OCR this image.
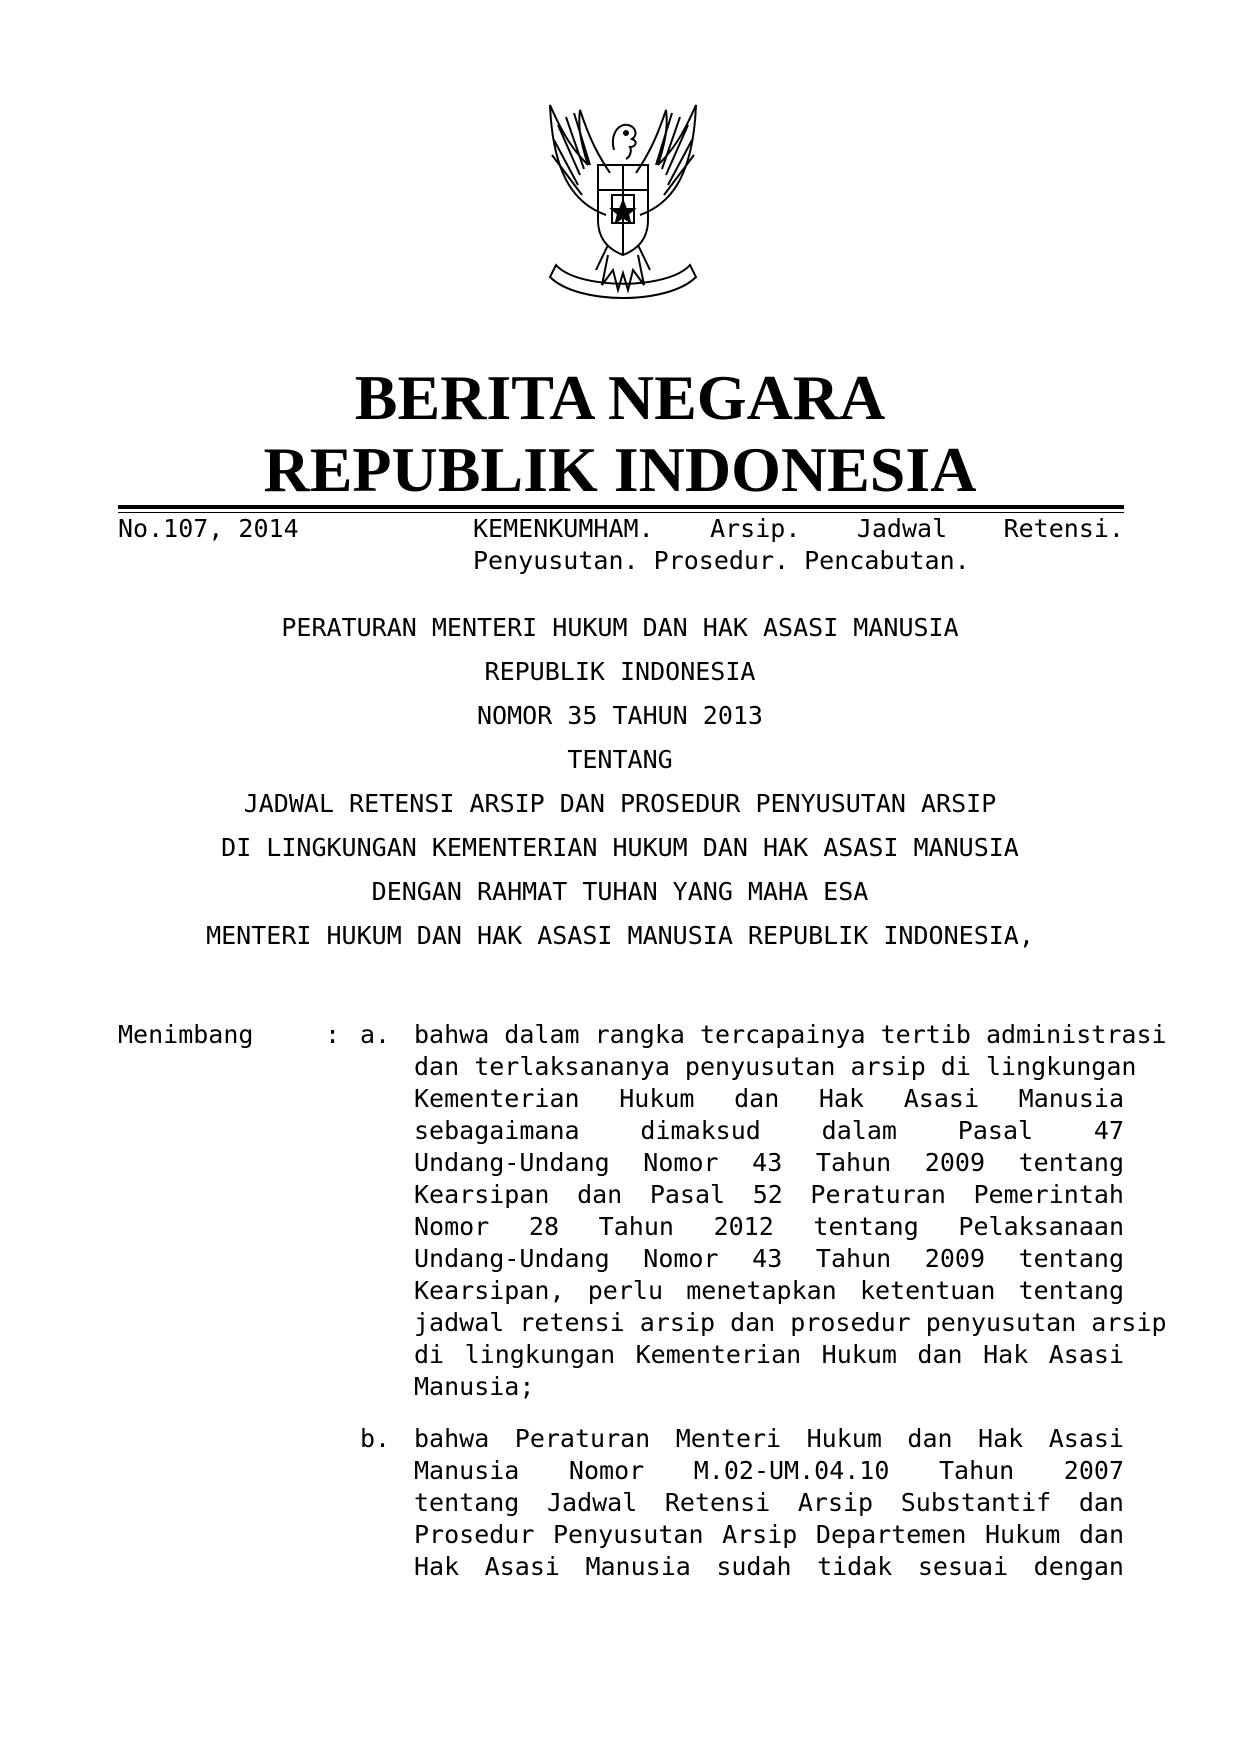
BERITA NEGARA
REPUBLIK INDONESIA
No.107, 2014	KEMENKUMHAM. Arsip. Jadwal Retensi.
Penyusutan. Prosedur. Pencabutan.
PERATURAN MENTERI HUKUM DAN HAK ASASI MANUSIA
REPUBLIK INDONESIA
NOMOR 35 TAHUN 2013
TENTANG
JADWAL RETENSI ARSIP DAN PROSEDUR PENYUSUTAN ARSIP
DI LINGKUNGAN KEMENTERIAN HUKUM DAN HAK ASASI MANUSIA
DENGAN RAHMAT TUHAN YANG MAHA ESA
MENTERI HUKUM DAN HAK ASASI MANUSIA REPUBLIK INDONESIA,
Menimbang	: a. bahwa dalam rangka tercapainya tertib administrasi
dan terlaksananya penyusutan arsip di lingkungan
Kementerian Hukum dan Hak Asasi Manusia
sebagaimana dimaksud dalam Pasal 47
Undang-Undang Nomor 43 Tahun 2009 tentang
Kearsipan dan Pasal 52 Peraturan Pemerintah
Nomor 28 Tahun 2012 tentang Pelaksanaan
Undang-Undang Nomor 43 Tahun 2009 tentang
Kearsipan, perlu menetapkan ketentuan tentang
jadwal retensi arsip dan prosedur penyusutan arsip
di lingkungan Kementerian Hukum dan Hak Asasi
Manusia;
b. bahwa Peraturan Menteri Hukum dan Hak Asasi
Manusia Nomor M.02-UM.04.10 Tahun 2007
tentang Jadwal Retensi Arsip Substantif dan
Prosedur Penyusutan Arsip Departemen Hukum dan
Hak Asasi Manusia sudah tidak sesuai dengan
